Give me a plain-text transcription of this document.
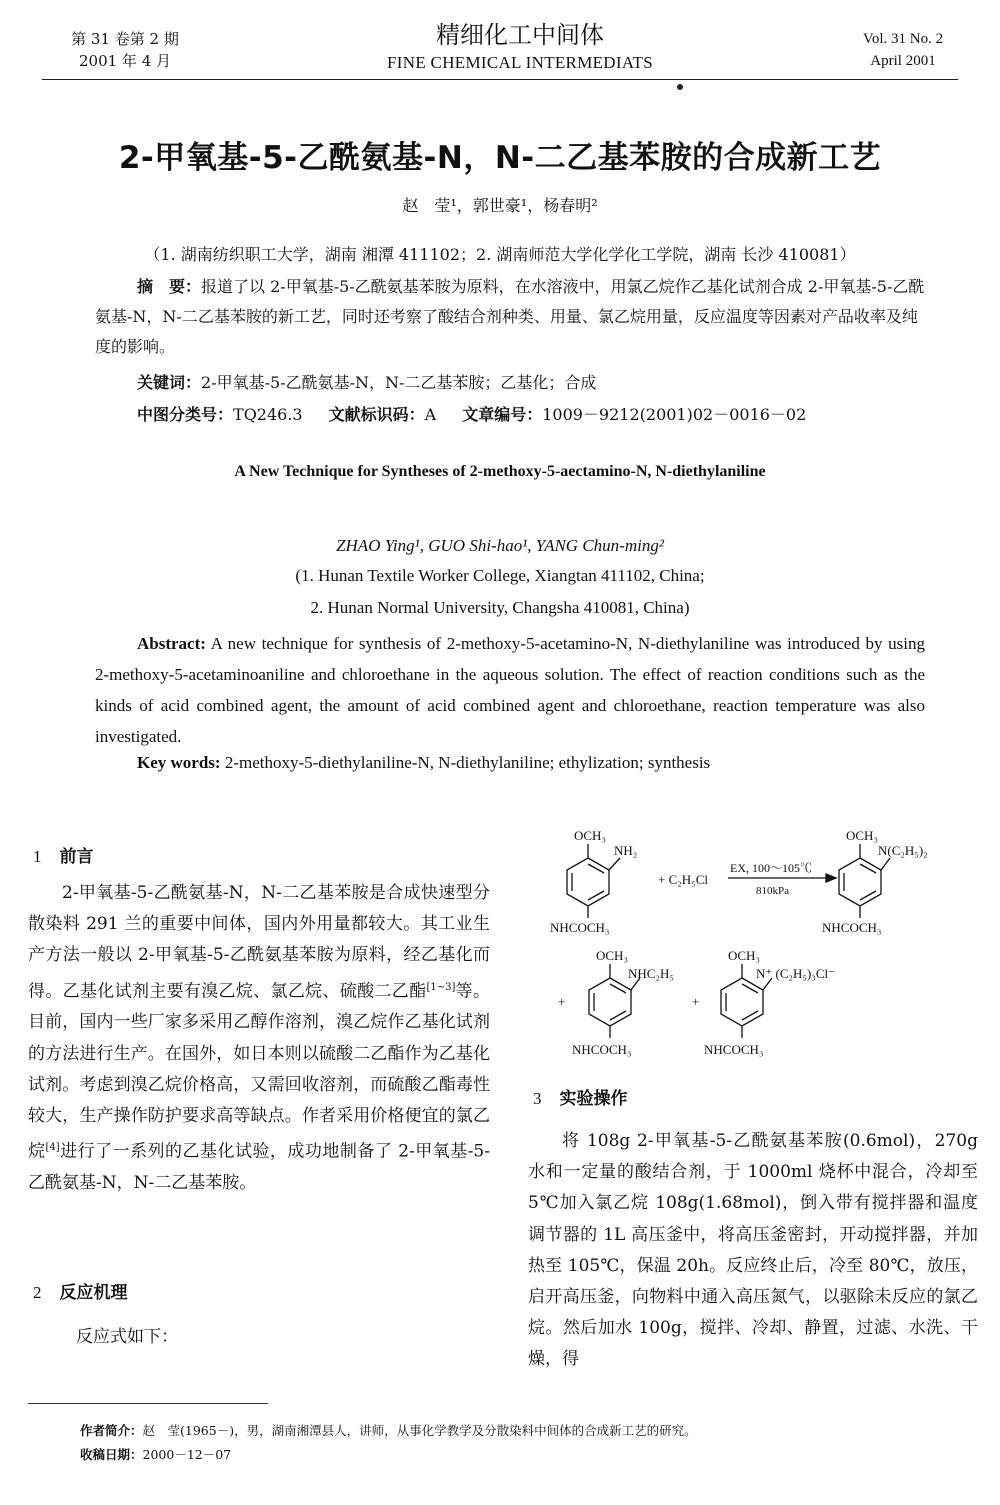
第 31 卷第 2 期
2001 年 4 月
精细化工中间体
FINE CHEMICAL INTERMEDIATS
Vol. 31 No. 2
April 2001
2-甲氧基-5-乙酰氨基-N，N-二乙基苯胺的合成新工艺
赵　莹¹，郭世豪¹，杨春明²
（1. 湖南纺织职工大学，湖南 湘潭 411102；2. 湖南师范大学化学化工学院，湖南 长沙 410081）
摘　要：报道了以 2-甲氧基-5-乙酰氨基苯胺为原料，在水溶液中，用氯乙烷作乙基化试剂合成 2-甲氧基-5-乙酰氨基-N，N-二乙基苯胺的新工艺，同时还考察了酸结合剂种类、用量、氯乙烷用量，反应温度等因素对产品收率及纯度的影响。
关键词：2-甲氧基-5-乙酰氨基-N，N-二乙基苯胺；乙基化；合成
中图分类号：TQ246.3 文献标识码：A 文章编号：1009－9212(2001)02－0016－02
A New Technique for Syntheses of 2-methoxy-5-aectamino-N, N-diethylaniline
ZHAO Ying¹, GUO Shi-hao¹, YANG Chun-ming²
(1. Hunan Textile Worker College, Xiangtan 411102, China;
2. Hunan Normal University, Changsha 410081, China)
Abstract: A new technique for synthesis of 2-methoxy-5-acetamino-N, N-diethylaniline was introduced by using 2-methoxy-5-acetaminoaniline and chloroethane in the aqueous solution. The effect of reaction conditions such as the kinds of acid combined agent, the amount of acid combined agent and chloroethane, reaction temperature was also investigated.
Key words: 2-methoxy-5-diethylaniline-N, N-diethylaniline; ethylization; synthesis
1 前言
2-甲氧基-5-乙酰氨基-N，N-二乙基苯胺是合成快速型分散染料 291 兰的重要中间体，国内外用量都较大。其工业生产方法一般以 2-甲氧基-5-乙酰氨基苯胺为原料，经乙基化而得。乙基化试剂主要有溴乙烷、氯乙烷、硫酸二乙酯[1~3]等。目前，国内一些厂家多采用乙醇作溶剂，溴乙烷作乙基化试剂的方法进行生产。在国外，如日本则以硫酸二乙酯作为乙基化试剂。考虑到溴乙烷价格高，又需回收溶剂，而硫酸乙酯毒性较大，生产操作防护要求高等缺点。作者采用价格便宜的氯乙烷[4]进行了一系列的乙基化试验，成功地制备了 2-甲氧基-5-乙酰氨基-N，N-二乙基苯胺。
2 反应机理
反应式如下：
OCH₃
NH₂
NHCOCH₃
+ C₂H₅Cl
EX, 100～105℃
810kPa
OCH₃
N(C₂H₅)₂
NHCOCH₃
+
OCH₃
NHC₂H₅
NHCOCH₃
+
OCH₃
N⁺ (C₂H₅)₃Cl⁻
NHCOCH₃
3 实验操作
将 108g 2-甲氧基-5-乙酰氨基苯胺(0.6mol)，270g 水和一定量的酸结合剂，于 1000ml 烧杯中混合，冷却至 5℃加入氯乙烷 108g(1.68mol)，倒入带有搅拌器和温度调节器的 1L 高压釜中，将高压釜密封，开动搅拌器，并加热至 105℃，保温 20h。反应终止后，冷至 80℃，放压，启开高压釜，向物料中通入高压氮气，以驱除未反应的氯乙烷。然后加水 100g，搅拌、冷却、静置，过滤、水洗、干燥，得
作者简介：赵　莹(1965－)，男，湖南湘潭县人，讲师，从事化学教学及分散染料中间体的合成新工艺的研究。
收稿日期：2000－12－07
